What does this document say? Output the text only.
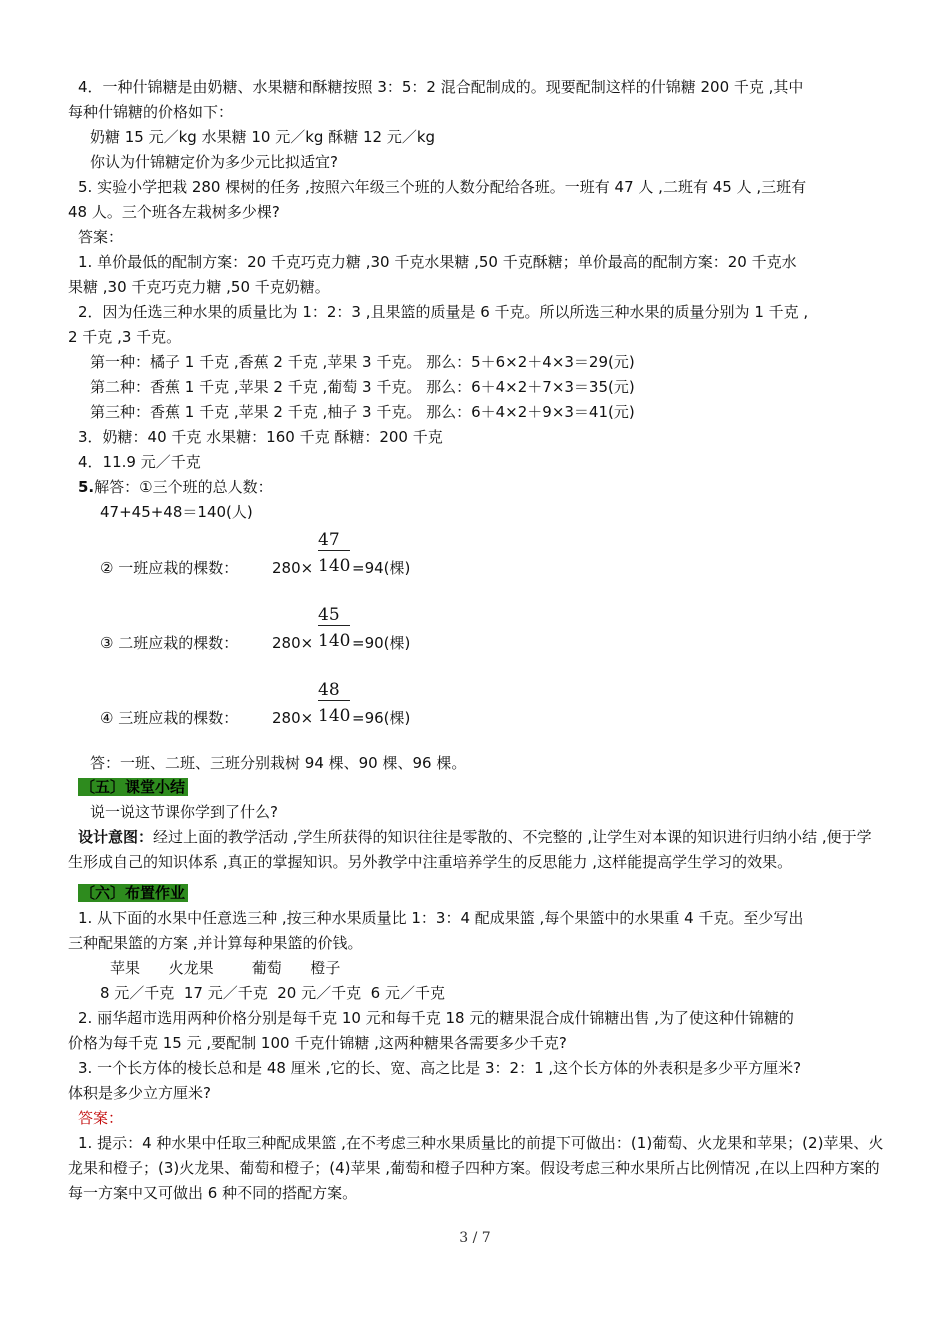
4．一种什锦糖是由奶糖、水果糖和酥糖按照 3：5：2 混合配制成的。现要配制这样的什锦糖 200 千克 ,其中
每种什锦糖的价格如下：
奶糖 15 元／kg 水果糖 10 元／kg 酥糖 12 元／kg
你认为什锦糖定价为多少元比拟适宜?
5. 实验小学把栽 280 棵树的任务 ,按照六年级三个班的人数分配给各班。一班有 47 人 ,二班有 45 人 ,三班有
48 人。三个班各左栽树多少棵?
答案：
1. 单价最低的配制方案：20 千克巧克力糖 ,30 千克水果糖 ,50 千克酥糖；单价最高的配制方案：20 千克水
果糖 ,30 千克巧克力糖 ,50 千克奶糖。
2．因为任选三种水果的质量比为 1：2：3 ,且果篮的质量是 6 千克。所以所选三种水果的质量分别为 1 千克 ,
2 千克 ,3 千克。
第一种：橘子 1 千克 ,香蕉 2 千克 ,苹果 3 千克。 那么：5＋6×2＋4×3＝29(元)
第二种：香蕉 1 千克 ,苹果 2 千克 ,葡萄 3 千克。 那么：6＋4×2＋7×3＝35(元)
第三种：香蕉 1 千克 ,苹果 2 千克 ,柚子 3 千克。 那么：6＋4×2＋9×3＝41(元)
3．奶糖：40 千克 水果糖：160 千克 酥糖：200 千克
4．11.9 元／千克
5.解答：①三个班的总人数：
47+45+48＝140(人)
② 一班应栽的棵数： 280×
47
140 =94(棵)
③ 二班应栽的棵数： 280×
45
140 =90(棵)
④ 三班应栽的棵数： 280×
48
140 =96(棵)
答：一班、二班、三班分别栽树 94 棵、90 棵、96 棵。
〔五〕课堂小结
说一说这节课你学到了什么?
设计意图：经过上面的教学活动 ,学生所获得的知识往往是零散的、不完整的 ,让学生对本课的知识进行归纳小结 ,便于学生形成自己的知识体系 ,真正的掌握知识。另外教学中注重培养学生的反思能力 ,这样能提高学生学习的效果。
〔六〕布置作业
1. 从下面的水果中任意选三种 ,按三种水果质量比 1：3：4 配成果篮 ,每个果篮中的水果重 4 千克。至少写出
三种配果篮的方案 ,并计算每种果篮的价钱。
苹果      火龙果        葡萄      橙子
8 元／千克  17 元／千克  20 元／千克  6 元／千克
2. 丽华超市选用两种价格分别是每千克 10 元和每千克 18 元的糖果混合成什锦糖出售 ,为了使这种什锦糖的
价格为每千克 15 元 ,要配制 100 千克什锦糖 ,这两种糖果各需要多少千克?
3. 一个长方体的棱长总和是 48 厘米 ,它的长、宽、高之比是 3：2：1 ,这个长方体的外表积是多少平方厘米?
体积是多少立方厘米?
答案：
1. 提示：4 种水果中任取三种配成果篮 ,在不考虑三种水果质量比的前提下可做出：(1)葡萄、火龙果和苹果；(2)苹果、火龙果和橙子；(3)火龙果、葡萄和橙子；(4)苹果 ,葡萄和橙子四种方案。假设考虑三种水果所占比例情况 ,在以上四种方案的每一方案中又可做出 6 种不同的搭配方案。
3 / 7
